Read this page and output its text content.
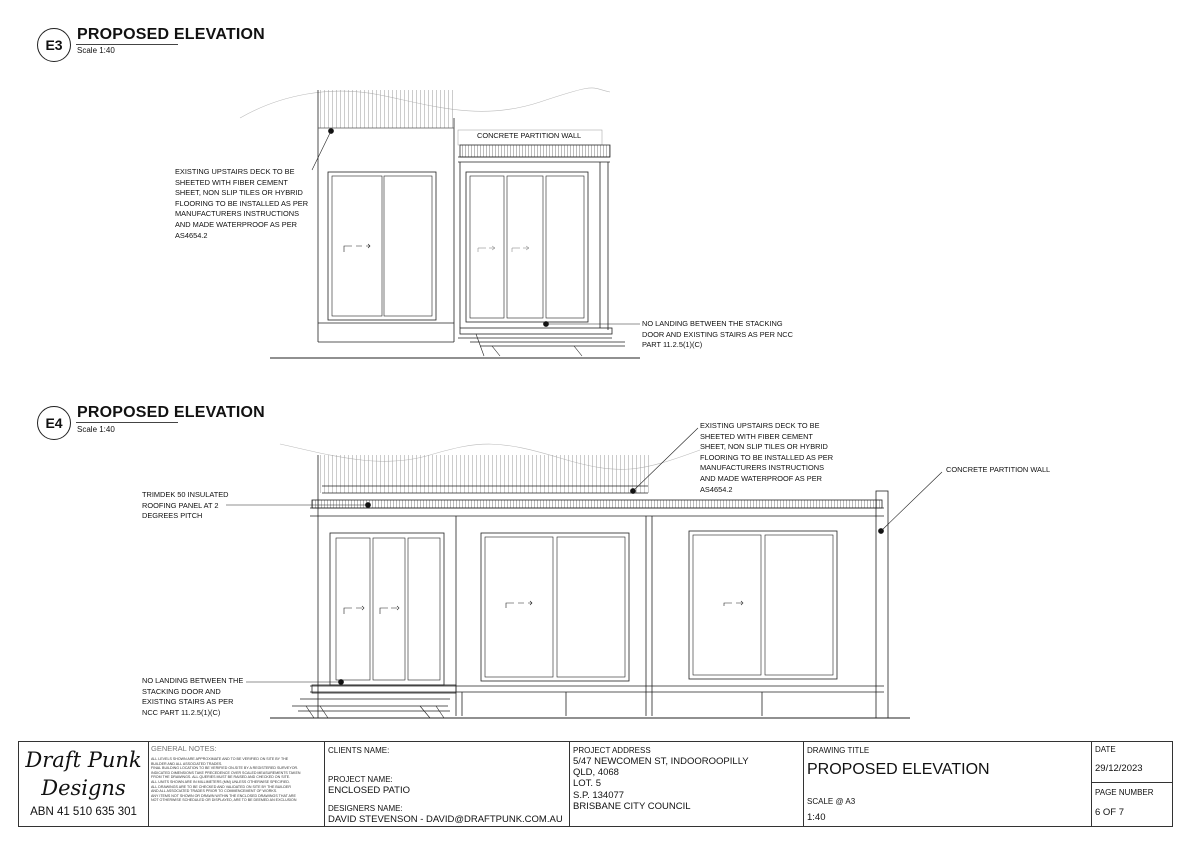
E3
PROPOSED ELEVATION
Scale 1:40
E4
PROPOSED ELEVATION
Scale 1:40
EXISTING UPSTAIRS DECK TO BE
SHEETED WITH FIBER CEMENT
SHEET, NON SLIP TILES OR HYBRID
FLOORING TO BE INSTALLED AS PER
MANUFACTURERS INSTRUCTIONS
AND MADE WATERPROOF AS PER
AS4654.2
CONCRETE PARTITION WALL
NO LANDING BETWEEN THE STACKING
DOOR AND EXISTING STAIRS AS PER NCC
PART 11.2.5(1)(C)
EXISTING UPSTAIRS DECK TO BE
SHEETED WITH FIBER CEMENT
SHEET, NON SLIP TILES OR HYBRID
FLOORING TO BE INSTALLED AS PER
MANUFACTURERS INSTRUCTIONS
AND MADE WATERPROOF AS PER
AS4654.2
CONCRETE PARTITION WALL
TRIMDEK 50 INSULATED
ROOFING PANEL AT 2
DEGREES PITCH
NO LANDING BETWEEN THE
STACKING DOOR AND
EXISTING STAIRS AS PER
NCC PART 11.2.5(1)(C)
Draft Punk
Designs
ABN 41 510 635 301
GENERAL NOTES:
ALL LEVELS SHOWN ARE APPROXIMATE AND TO BE VERIFIED ON SITE BY THE
BUILDER AND ALL ASSOCIATED TRADES.
FINAL BUILDING LOCATION TO BE VERIFIED ON-SITE BY A REGISTERED SURVEYOR.
INDICATED DIMENSIONS TAKE PRECEDENCE OVER SCALED MEASUREMENTS TAKEN
FROM THE DRAWINGS. ALL QUERIES MUST BE RAISED AND CHECKED ON SITE.
ALL UNITS SHOWN ARE IN MILLIMETERS (MM) UNLESS OTHERWISE SPECIFIED.
ALL DRAWINGS ARE TO BE CHECKED AND VALIDATED ON SITE BY THE BUILDER
AND ALL ASSOCIATED TRADES PRIOR TO COMMENCEMENT OF WORKS.
ANY ITEMS NOT SHOWN OR DRAWN WITHIN THE ENCLOSED DRAWINGS THAT ARE
NOT OTHERWISE SCHEDULED OR DISPLAYED, ARE TO BE DEEMED AN EXCLUSION
CLIENTS NAME:
PROJECT NAME:
ENCLOSED PATIO
DESIGNERS NAME:
DAVID STEVENSON - DAVID@DRAFTPUNK.COM.AU
PROJECT ADDRESS
5/47 NEWCOMEN ST, INDOOROOPILLY
QLD, 4068
LOT. 5
S.P. 134077
BRISBANE CITY COUNCIL
DRAWING TITLE
PROPOSED ELEVATION
SCALE @ A3
1:40
DATE
29/12/2023
PAGE NUMBER
6 OF 7
